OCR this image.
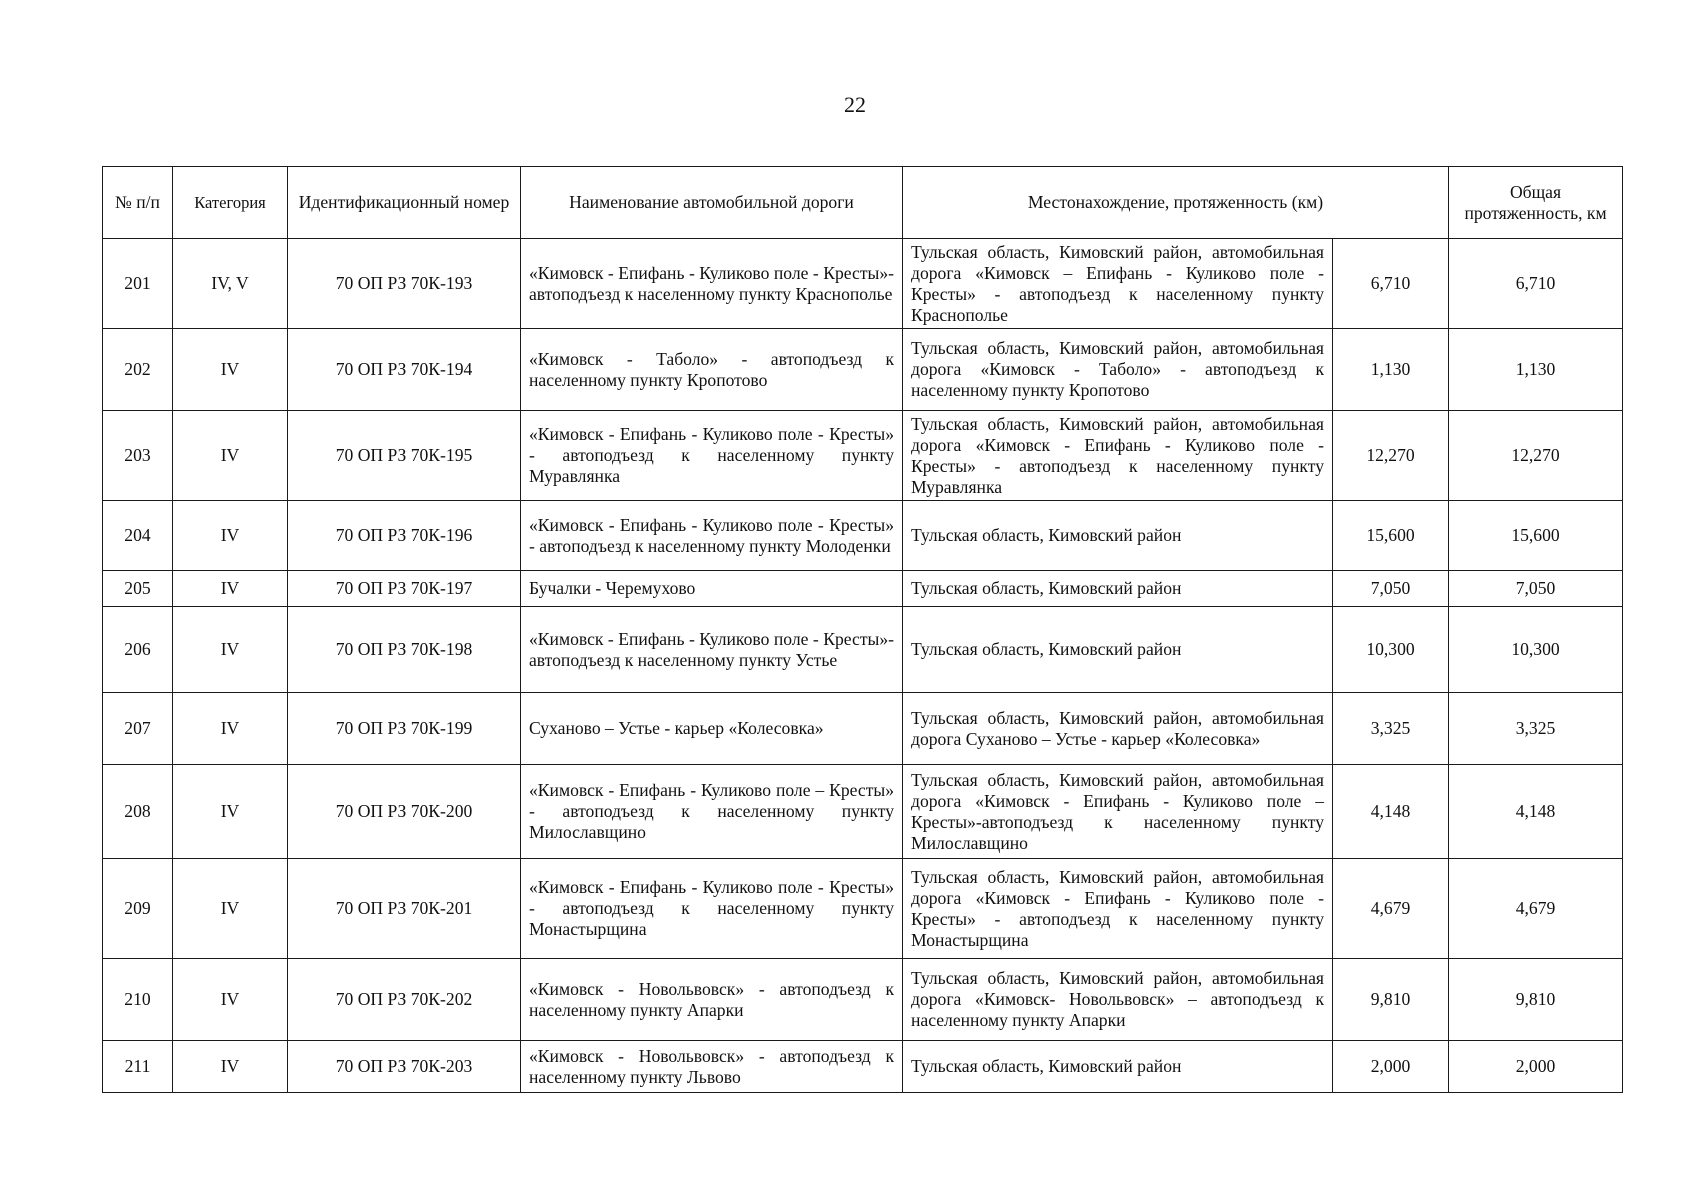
22
№ п/п	Категория	Идентификационный номер	Наименование автомобильной дороги	Местонахождение, протяженность (км)		Общая протяженность, км
201	IV, V	70 ОП РЗ 70К-193	«Кимовск - Епифань - Куликово поле - Кресты»-автоподъезд к населенному пункту Краснополье	Тульская область, Кимовский район, автомобильная дорога «Кимовск – Епифань - Куликово поле - Кресты» - автоподъезд к населенному пункту Краснополье	6,710	6,710
202	IV	70 ОП РЗ 70К-194	«Кимовск - Таболо» - автоподъезд к населенному пункту Кропотово	Тульская область, Кимовский район, автомобильная дорога «Кимовск - Таболо» - автоподъезд к населенному пункту Кропотово	1,130	1,130
203	IV	70 ОП РЗ 70К-195	«Кимовск - Епифань - Куликово поле - Кресты» - автоподъезд к населенному пункту Муравлянка	Тульская область, Кимовский район, автомобильная дорога «Кимовск - Епифань - Куликово поле - Кресты» - автоподъезд к населенному пункту Муравлянка	12,270	12,270
204	IV	70 ОП РЗ 70К-196	«Кимовск - Епифань - Куликово поле - Кресты» - автоподъезд к населенному пункту Молоденки	Тульская область, Кимовский район	15,600	15,600
205	IV	70 ОП РЗ 70К-197	Бучалки - Черемухово	Тульская область, Кимовский район	7,050	7,050
206	IV	70 ОП РЗ 70К-198	«Кимовск - Епифань - Куликово поле - Кресты»-автоподъезд к населенному пункту Устье	Тульская область, Кимовский район	10,300	10,300
207	IV	70 ОП РЗ 70К-199	Суханово – Устье - карьер «Колесовка»	Тульская область, Кимовский район, автомобильная дорога Суханово – Устье - карьер «Колесовка»	3,325	3,325
208	IV	70 ОП РЗ 70К-200	«Кимовск - Епифань - Куликово поле – Кресты» - автоподъезд к населенному пункту Милославщино	Тульская область, Кимовский район, автомобильная дорога «Кимовск - Епифань - Куликово поле – Кресты»-автоподъезд к населенному пункту Милославщино	4,148	4,148
209	IV	70 ОП РЗ 70К-201	«Кимовск - Епифань - Куликово поле - Кресты» - автоподъезд к населенному пункту Монастырщина	Тульская область, Кимовский район, автомобильная дорога «Кимовск - Епифань - Куликово поле - Кресты» - автоподъезд к населенному пункту Монастырщина	4,679	4,679
210	IV	70 ОП РЗ 70К-202	«Кимовск - Новольвовск» - автоподъезд к населенному пункту Апарки	Тульская область, Кимовский район, автомобильная дорога «Кимовск- Новольвовск» – автоподъезд к населенному пункту Апарки	9,810	9,810
211	IV	70 ОП РЗ 70К-203	«Кимовск - Новольвовск» - автоподъезд к населенному пункту Львово	Тульская область, Кимовский район	2,000	2,000
